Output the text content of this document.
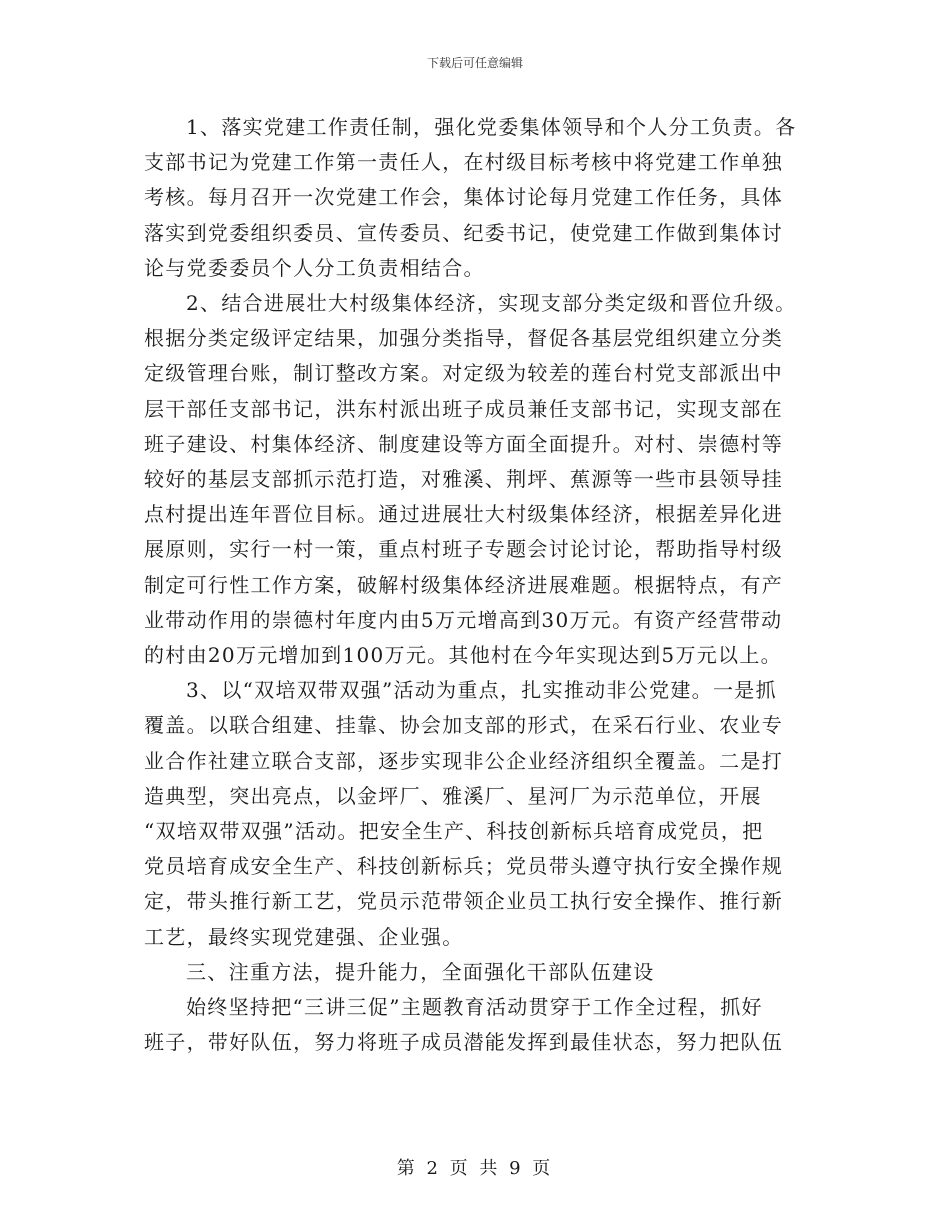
下载后可任意编辑

1、落实党建工作责任制，强化党委集体领导和个人分工负责。各
支部书记为党建工作第一责任人，在村级目标考核中将党建工作单独
考核。每月召开一次党建工作会，集体讨论每月党建工作任务，具体
落实到党委组织委员、宣传委员、纪委书记，使党建工作做到集体讨
论与党委委员个人分工负责相结合。

2、结合进展壮大村级集体经济，实现支部分类定级和晋位升级。
根据分类定级评定结果，加强分类指导，督促各基层党组织建立分类
定级管理台账，制订整改方案。对定级为较差的莲台村党支部派出中
层干部任支部书记，洪东村派出班子成员兼任支部书记，实现支部在
班子建设、村集体经济、制度建设等方面全面提升。对村、崇德村等
较好的基层支部抓示范打造，对雅溪、荆坪、蕉源等一些市县领导挂
点村提出连年晋位目标。通过进展壮大村级集体经济，根据差异化进
展原则，实行一村一策，重点村班子专题会讨论讨论，帮助指导村级
制定可行性工作方案，破解村级集体经济进展难题。根据特点，有产
业带动作用的崇德村年度内由5万元增高到30万元。有资产经营带动
的村由20万元增加到100万元。其他村在今年实现达到5万元以上。

3、以“双培双带双强”活动为重点，扎实推动非公党建。一是抓
覆盖。以联合组建、挂靠、协会加支部的形式，在采石行业、农业专
业合作社建立联合支部，逐步实现非公企业经济组织全覆盖。二是打
造典型，突出亮点，以金坪厂、雅溪厂、星河厂为示范单位，开展
“双培双带双强”活动。把安全生产、科技创新标兵培育成党员，把
党员培育成安全生产、科技创新标兵；党员带头遵守执行安全操作规
定，带头推行新工艺，党员示范带领企业员工执行安全操作、推行新
工艺，最终实现党建强、企业强。

三、注重方法，提升能力，全面强化干部队伍建设

始终坚持把“三讲三促”主题教育活动贯穿于工作全过程，抓好
班子，带好队伍，努力将班子成员潜能发挥到最佳状态，努力把队伍

第 2 页 共 9 页
